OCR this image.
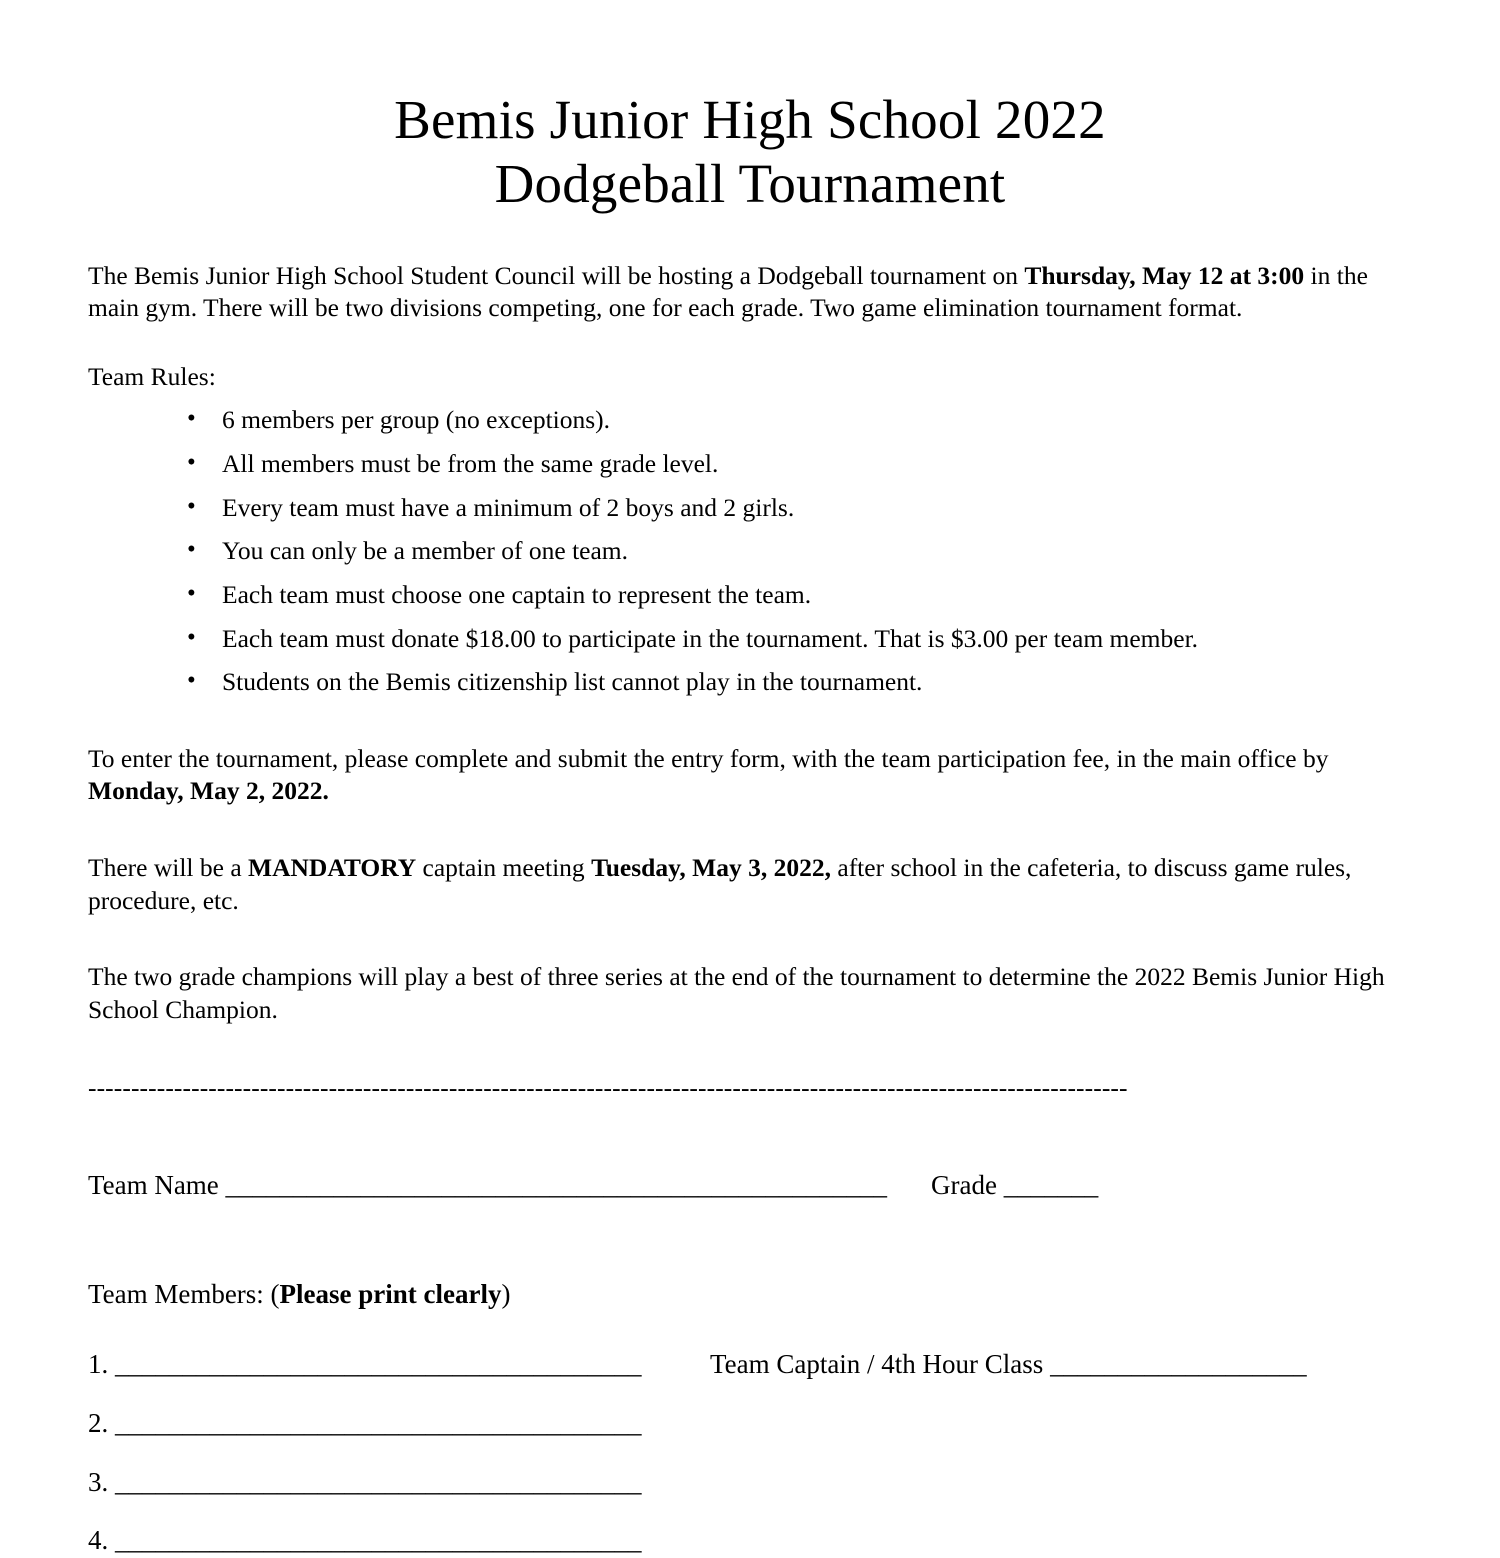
Bemis Junior High School 2022
Dodgeball Tournament

The Bemis Junior High School Student Council will be hosting a Dodgeball tournament on Thursday, May 12 at 3:00 in the main gym. There will be two divisions competing, one for each grade. Two game elimination tournament format.

Team Rules:

• 6 members per group (no exceptions).
• All members must be from the same grade level.
• Every team must have a minimum of 2 boys and 2 girls.
• You can only be a member of one team.
• Each team must choose one captain to represent the team.
• Each team must donate $18.00 to participate in the tournament. That is $3.00 per team member.
• Students on the Bemis citizenship list cannot play in the tournament.

To enter the tournament, please complete and submit the entry form, with the team participation fee, in the main office by Monday, May 2, 2022.

There will be a MANDATORY captain meeting Tuesday, May 3, 2022, after school in the cafeteria, to discuss game rules, procedure, etc.

The two grade champions will play a best of three series at the end of the tournament to determine the 2022 Bemis Junior High School Champion.

-------------------------------------------------------------------------------------------------------------------------
Team Name _________________________________________________ Grade _______
Team Members: (Please print clearly)
1. _______________________________________	Team Captain / 4th Hour Class ___________________
2. _______________________________________
3. _______________________________________
4. _______________________________________
